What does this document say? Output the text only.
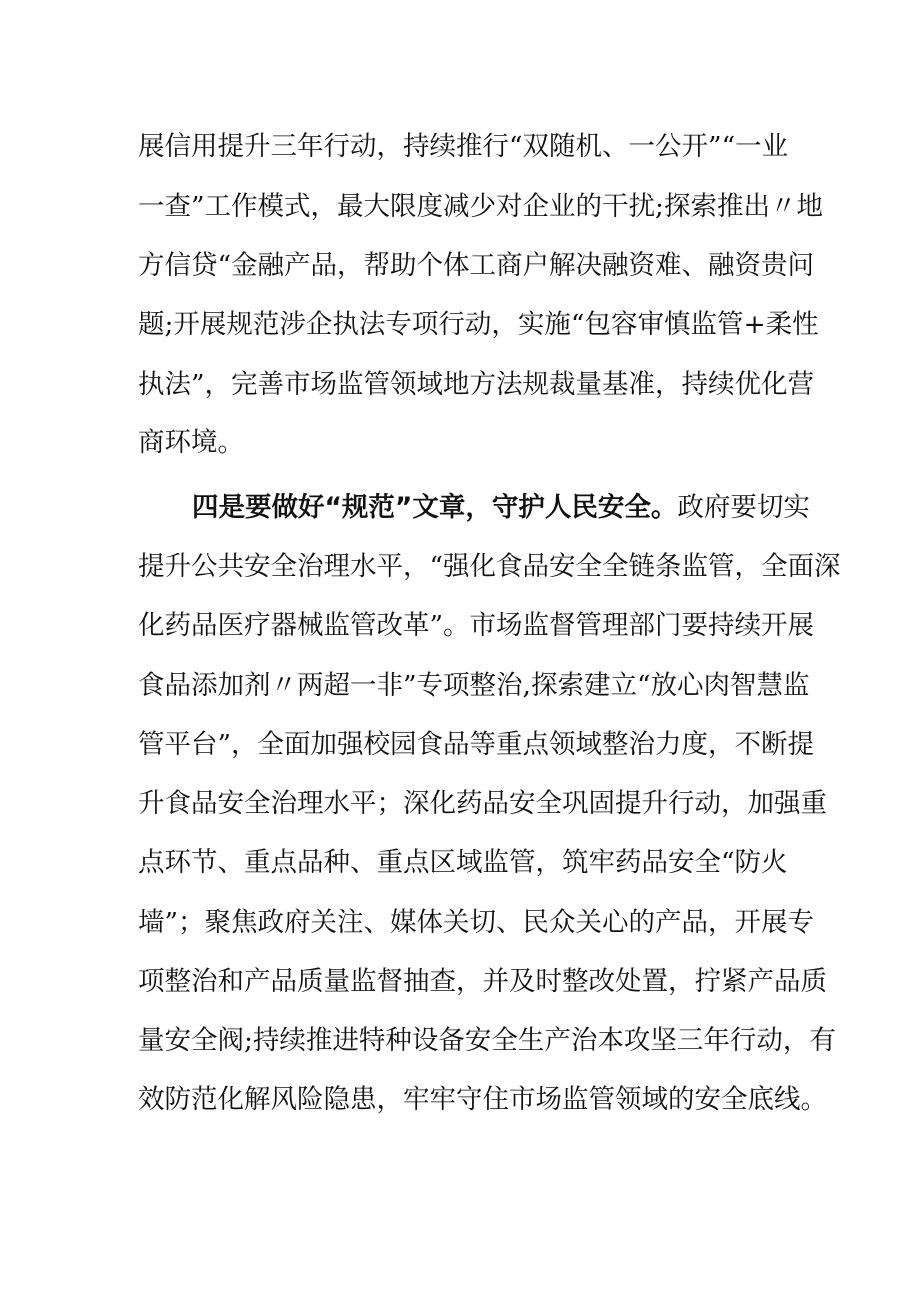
展信用提升三年行动，持续推行“双随机、一公开”“一业
一查”工作模式，最大限度减少对企业的干扰;探索推出〃地
方信贷“金融产品，帮助个体工商户解决融资难、融资贵问
题;开展规范涉企执法专项行动，实施“包容审慎监管+柔性
执法”，完善市场监管领域地方法规裁量基准，持续优化营
商环境。
四是要做好“规范”文章，守护人民安全。政府要切实
提升公共安全治理水平，“强化食品安全全链条监管，全面深
化药品医疗器械监管改革”。市场监督管理部门要持续开展
食品添加剂〃两超一非”专项整治,探索建立“放心肉智慧监
管平台”，全面加强校园食品等重点领域整治力度，不断提
升食品安全治理水平；深化药品安全巩固提升行动，加强重
点环节、重点品种、重点区域监管，筑牢药品安全“防火
墙”；聚焦政府关注、媒体关切、民众关心的产品，开展专
项整治和产品质量监督抽查，并及时整改处置，拧紧产品质
量安全阀;持续推进特种设备安全生产治本攻坚三年行动，有
效防范化解风险隐患，牢牢守住市场监管领域的安全底线。
